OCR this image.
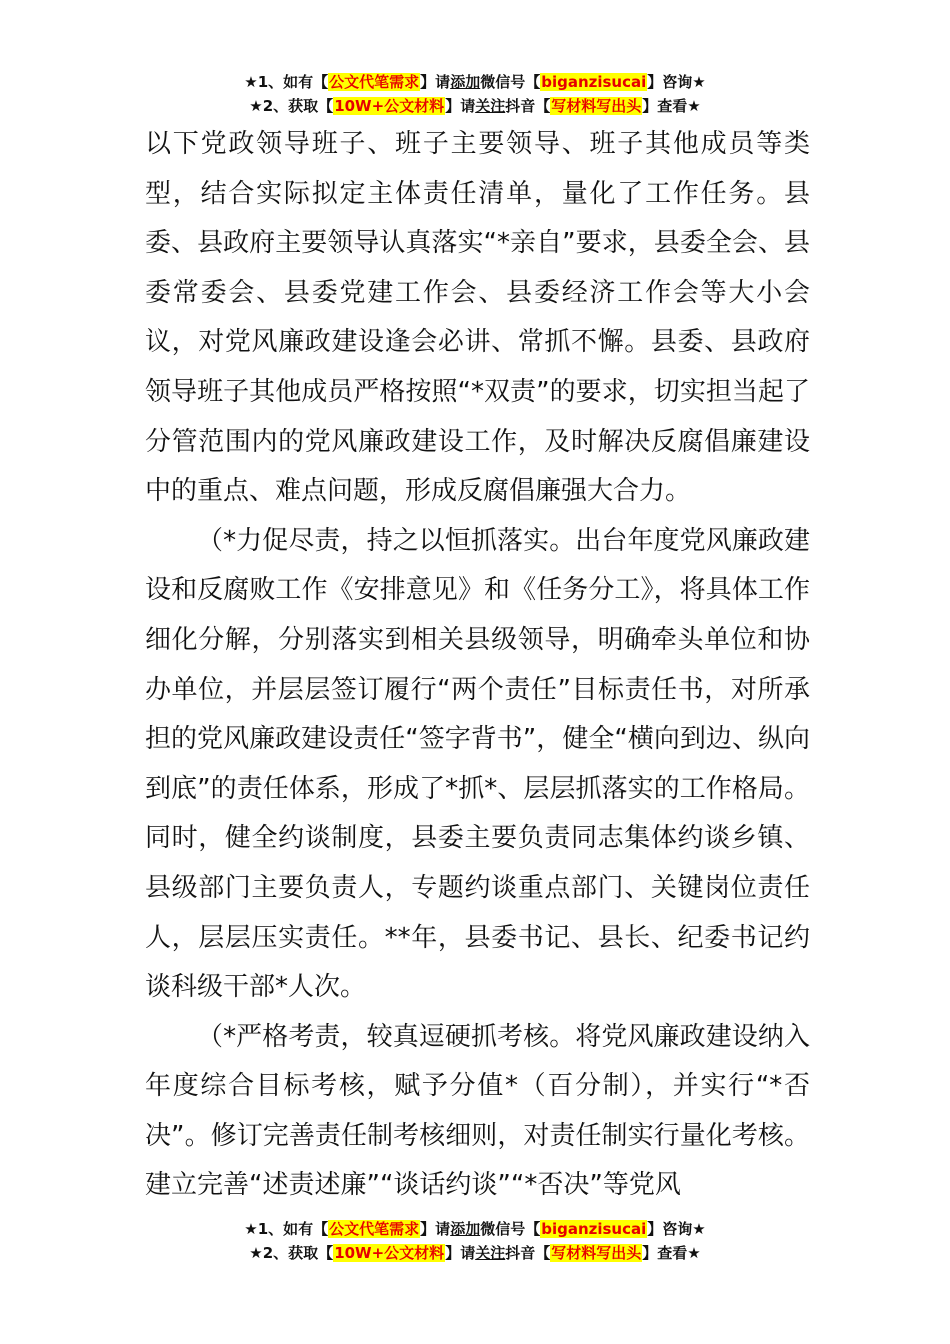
★1、如有【公文代笔需求】请添加微信号【biganzisucai】咨询★
★2、获取【10W+公文材料】请关注抖音【写材料写出头】查看★

以下党政领导班子、班子主要领导、班子其他成员等类型，结合实际拟定主体责任清单，量化了工作任务。县委、县政府主要领导认真落实“*亲自”要求，县委全会、县委常委会、县委党建工作会、县委经济工作会等大小会议，对党风廉政建设逢会必讲、常抓不懈。县委、县政府领导班子其他成员严格按照“*双责”的要求，切实担当起了分管范围内的党风廉政建设工作，及时解决反腐倡廉建设中的重点、难点问题，形成反腐倡廉强大合力。

（*力促尽责，持之以恒抓落实。出台年度党风廉政建设和反腐败工作《安排意见》和《任务分工》，将具体工作细化分解，分别落实到相关县级领导，明确牵头单位和协办单位，并层层签订履行“两个责任”目标责任书，对所承担的党风廉政建设责任“签字背书”，健全“横向到边、纵向到底”的责任体系，形成了*抓*、层层抓落实的工作格局。同时，健全约谈制度，县委主要负责同志集体约谈乡镇、县级部门主要负责人，专题约谈重点部门、关键岗位责任人，层层压实责任。**年，县委书记、县长、纪委书记约谈科级干部*人次。

（*严格考责，较真逗硬抓考核。将党风廉政建设纳入年度综合目标考核，赋予分值*（百分制），并实行“*否决”。修订完善责任制考核细则，对责任制实行量化考核。建立完善“述责述廉”“谈话约谈”“*否决”等党风

★1、如有【公文代笔需求】请添加微信号【biganzisucai】咨询★
★2、获取【10W+公文材料】请关注抖音【写材料写出头】查看★
